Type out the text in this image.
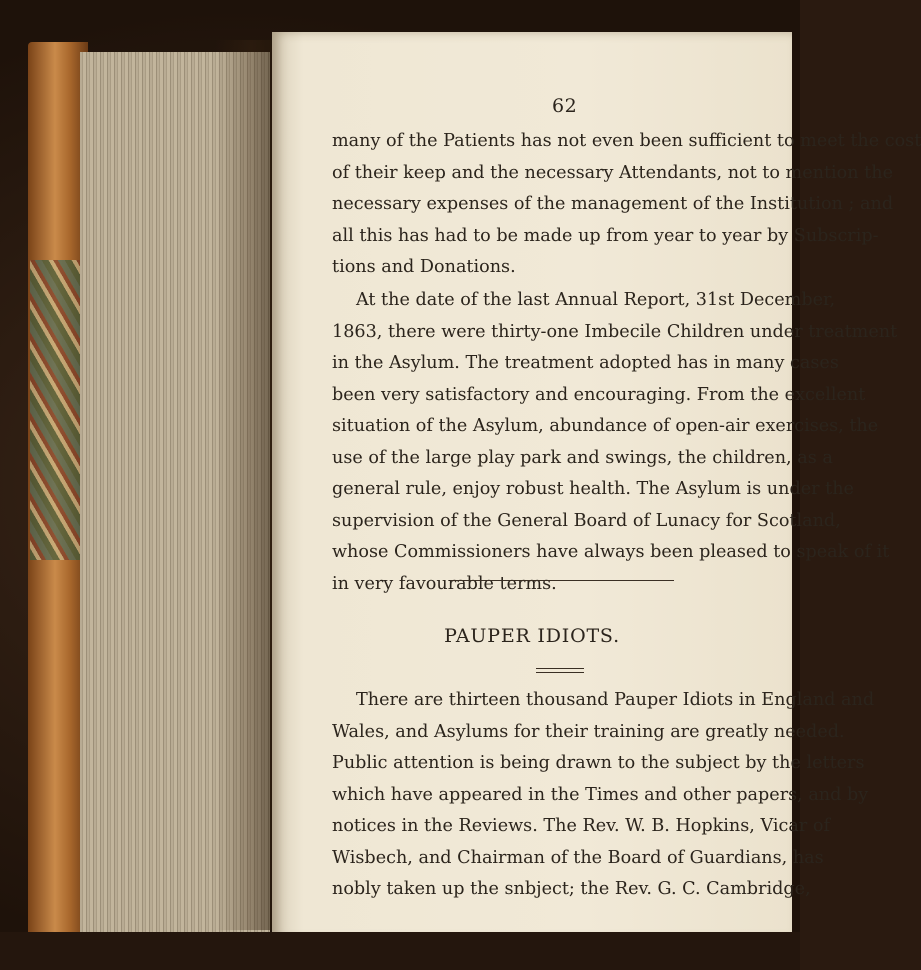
62
many of the Patients has not even been sufficient to meet the cost
of their keep and the necessary Attendants, not to mention the
necessary expenses of the management of the Institution ; and
all this has had to be made up from year to year by Subscrip-
tions and Donations.
At the date of the last Annual Report, 31st December,
1863, there were thirty-one Imbecile Children under treatment
in the Asylum. The treatment adopted has in many cases
been very satisfactory and encouraging. From the excellent
situation of the Asylum, abundance of open-air exercises, the
use of the large play park and swings, the children, as a
general rule, enjoy robust health. The Asylum is under the
supervision of the General Board of Lunacy for Scotland,
whose Commissioners have always been pleased to speak of it
in very favourable terms.
PAUPER IDIOTS.
There are thirteen thousand Pauper Idiots in England and
Wales, and Asylums for their training are greatly needed.
Public attention is being drawn to the subject by the letters
which have appeared in the Times and other papers, and by
notices in the Reviews. The Rev. W. B. Hopkins, Vicar of
Wisbech, and Chairman of the Board of Guardians, has
nobly taken up the snbject; the Rev. G. C. Cambridge,
